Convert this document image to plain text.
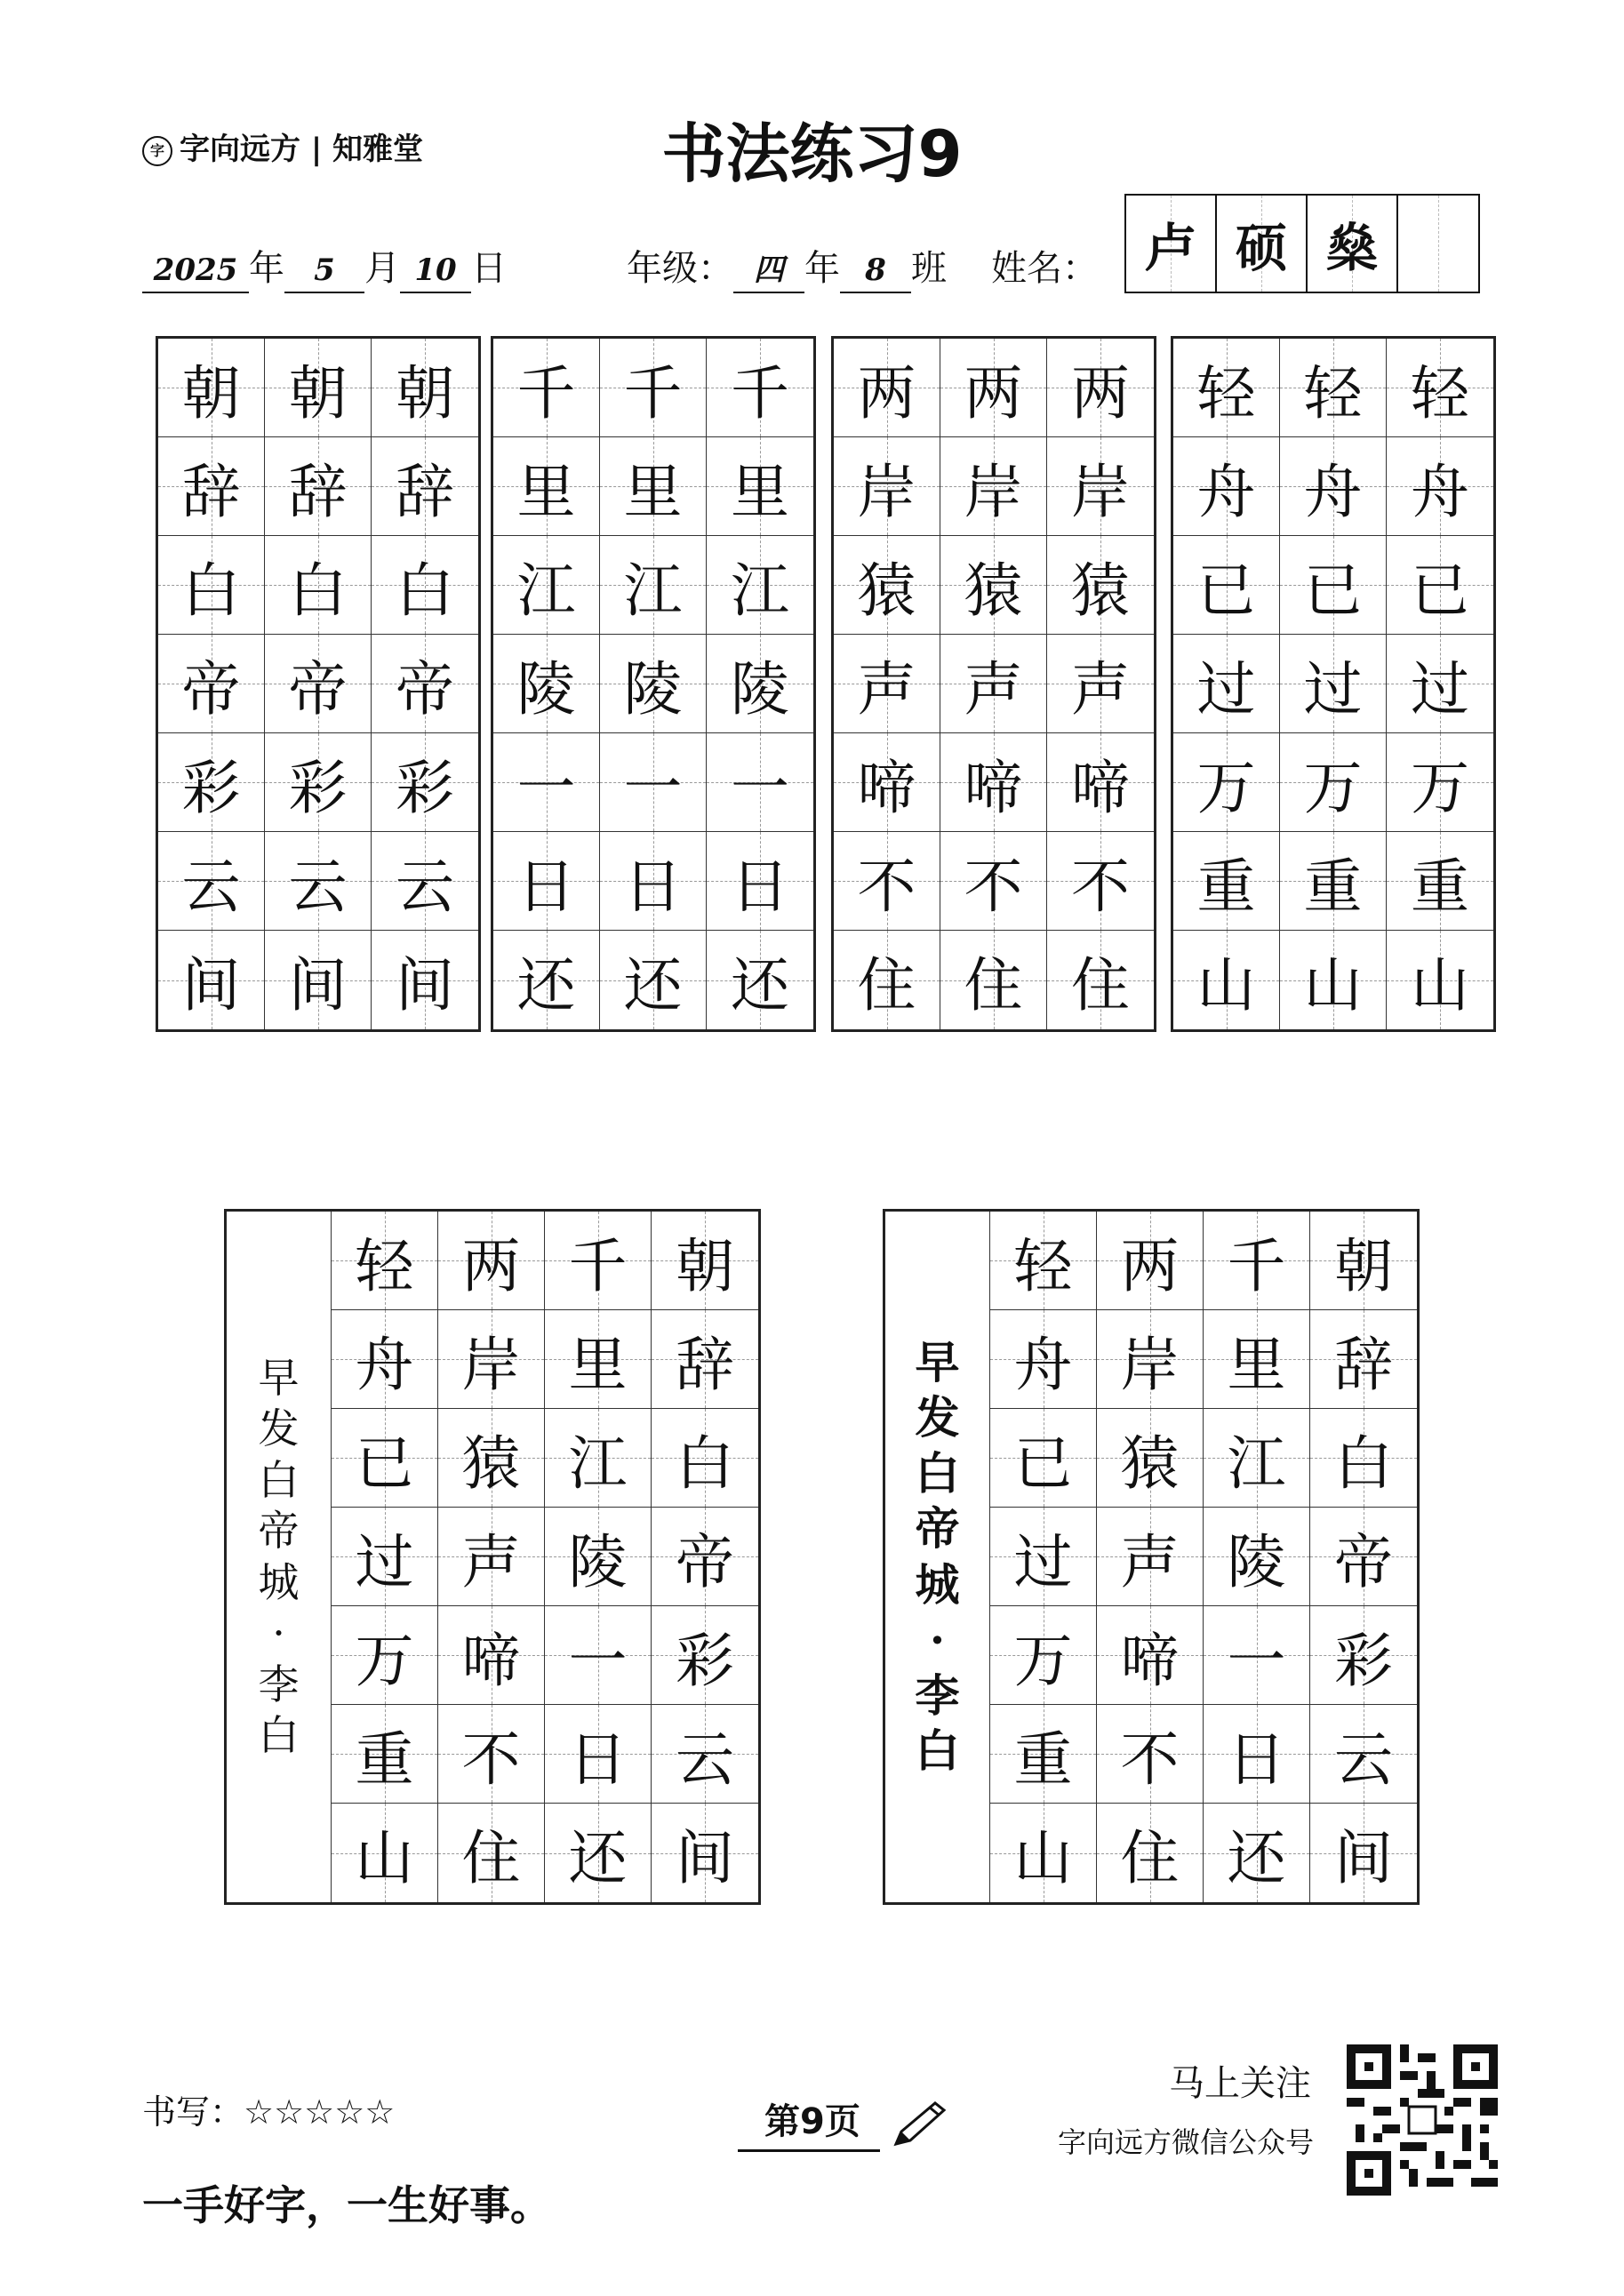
字 字向远方 | 知雅堂	书法练习9
2025 年 5 月 10 日	年级： 四 年 8 班 姓名： 卢 硕 燊
朝 朝 朝
辞 辞 辞
白 白 白
帝 帝 帝
彩 彩 彩
云 云 云
间 间 间
千 千 千
里 里 里
江 江 江
陵 陵 陵
一 一 一
日 日 日
还 还 还
两 两 两
岸 岸 岸
猿 猿 猿
声 声 声
啼 啼 啼
不 不 不
住 住 住
轻 轻 轻
舟 舟 舟
已 已 已
过 过 过
万 万 万
重 重 重
山 山 山
早
发
白
帝
城
·
李
白
轻 两 千 朝
舟 岸 里 辞
已 猿 江 白
过 声 陵 帝
万 啼 一 彩
重 不 日 云
山 住 还 间
早
发
白
帝
城
·
李
白
轻 两 千 朝
舟 岸 里 辞
已 猿 江 白
过 声 陵 帝
万 啼 一 彩
重 不 日 云
山 住 还 间
书写：☆☆☆☆☆
一手好字，一生好事。
第9页
马上关注
字向远方微信公众号
